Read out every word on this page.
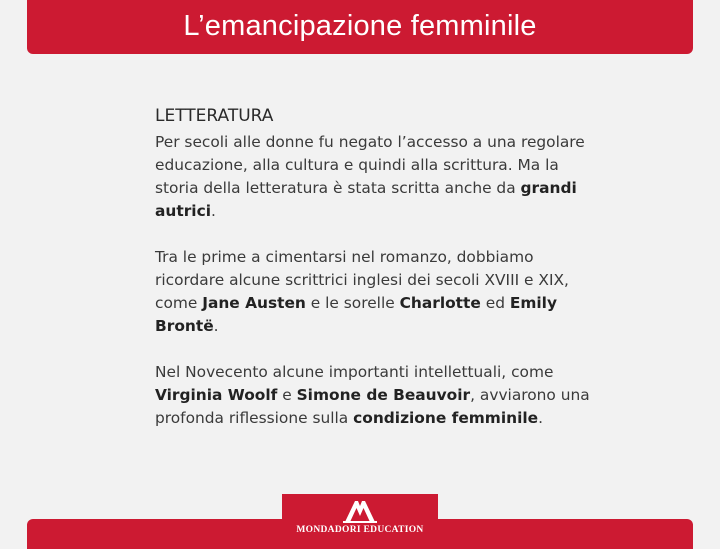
L’emancipazione femminile
LETTERATURA

Per secoli alle donne fu negato l’accesso a una regolare educazione, alla cultura e quindi alla scrittura. Ma la storia della letteratura è stata scritta anche da grandi autrici.

Tra le prime a cimentarsi nel romanzo, dobbiamo ricordare alcune scrittrici inglesi dei secoli XVIII e XIX, come Jane Austen e le sorelle Charlotte ed Emily Brontë.

Nel Novecento alcune importanti intellettuali, come Virginia Woolf e Simone de Beauvoir, avviarono una profonda riflessione sulla condizione femminile.

MONDADORI EDUCATION
